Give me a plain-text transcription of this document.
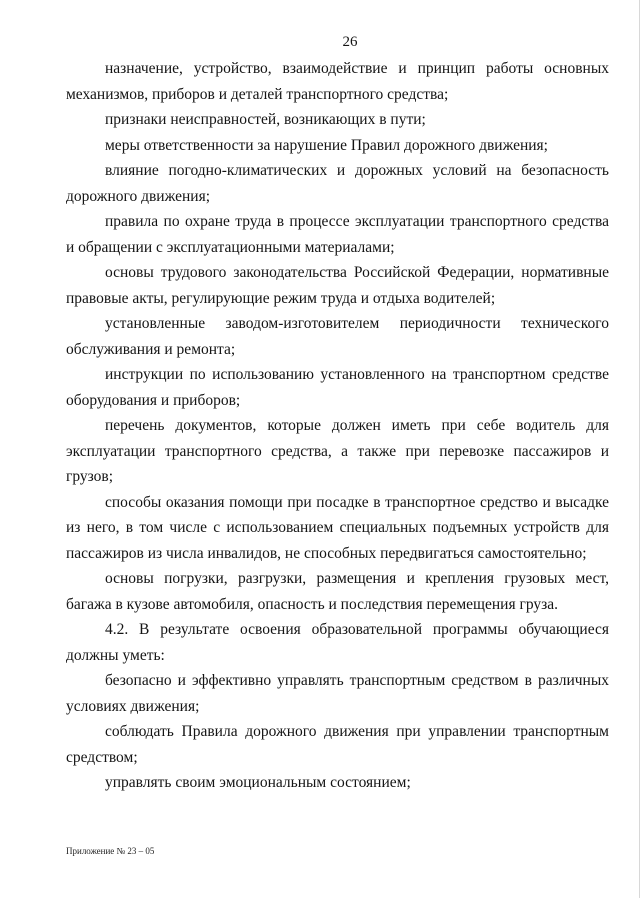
26

назначение, устройство, взаимодействие и принцип работы основных механизмов, приборов и деталей транспортного средства;

признаки неисправностей, возникающих в пути;

меры ответственности за нарушение Правил дорожного движения;

влияние погодно-климатических и дорожных условий на безопасность дорожного движения;

правила по охране труда в процессе эксплуатации транспортного средства и обращении с эксплуатационными материалами;

основы трудового законодательства Российской Федерации, нормативные правовые акты, регулирующие режим труда и отдыха водителей;

установленные заводом-изготовителем периодичности технического обслуживания и ремонта;

инструкции по использованию установленного на транспортном средстве оборудования и приборов;

перечень документов, которые должен иметь при себе водитель для эксплуатации транспортного средства, а также при перевозке пассажиров и грузов;

способы оказания помощи при посадке в транспортное средство и высадке из него, в том числе с использованием специальных подъемных устройств для пассажиров из числа инвалидов, не способных передвигаться самостоятельно;

основы погрузки, разгрузки, размещения и крепления грузовых мест, багажа в кузове автомобиля, опасность и последствия перемещения груза.

4.2. В результате освоения образовательной программы обучающиеся должны уметь:

безопасно и эффективно управлять транспортным средством в различных условиях движения;

соблюдать Правила дорожного движения при управлении транспортным средством;

управлять своим эмоциональным состоянием;

Приложение № 23 – 05
